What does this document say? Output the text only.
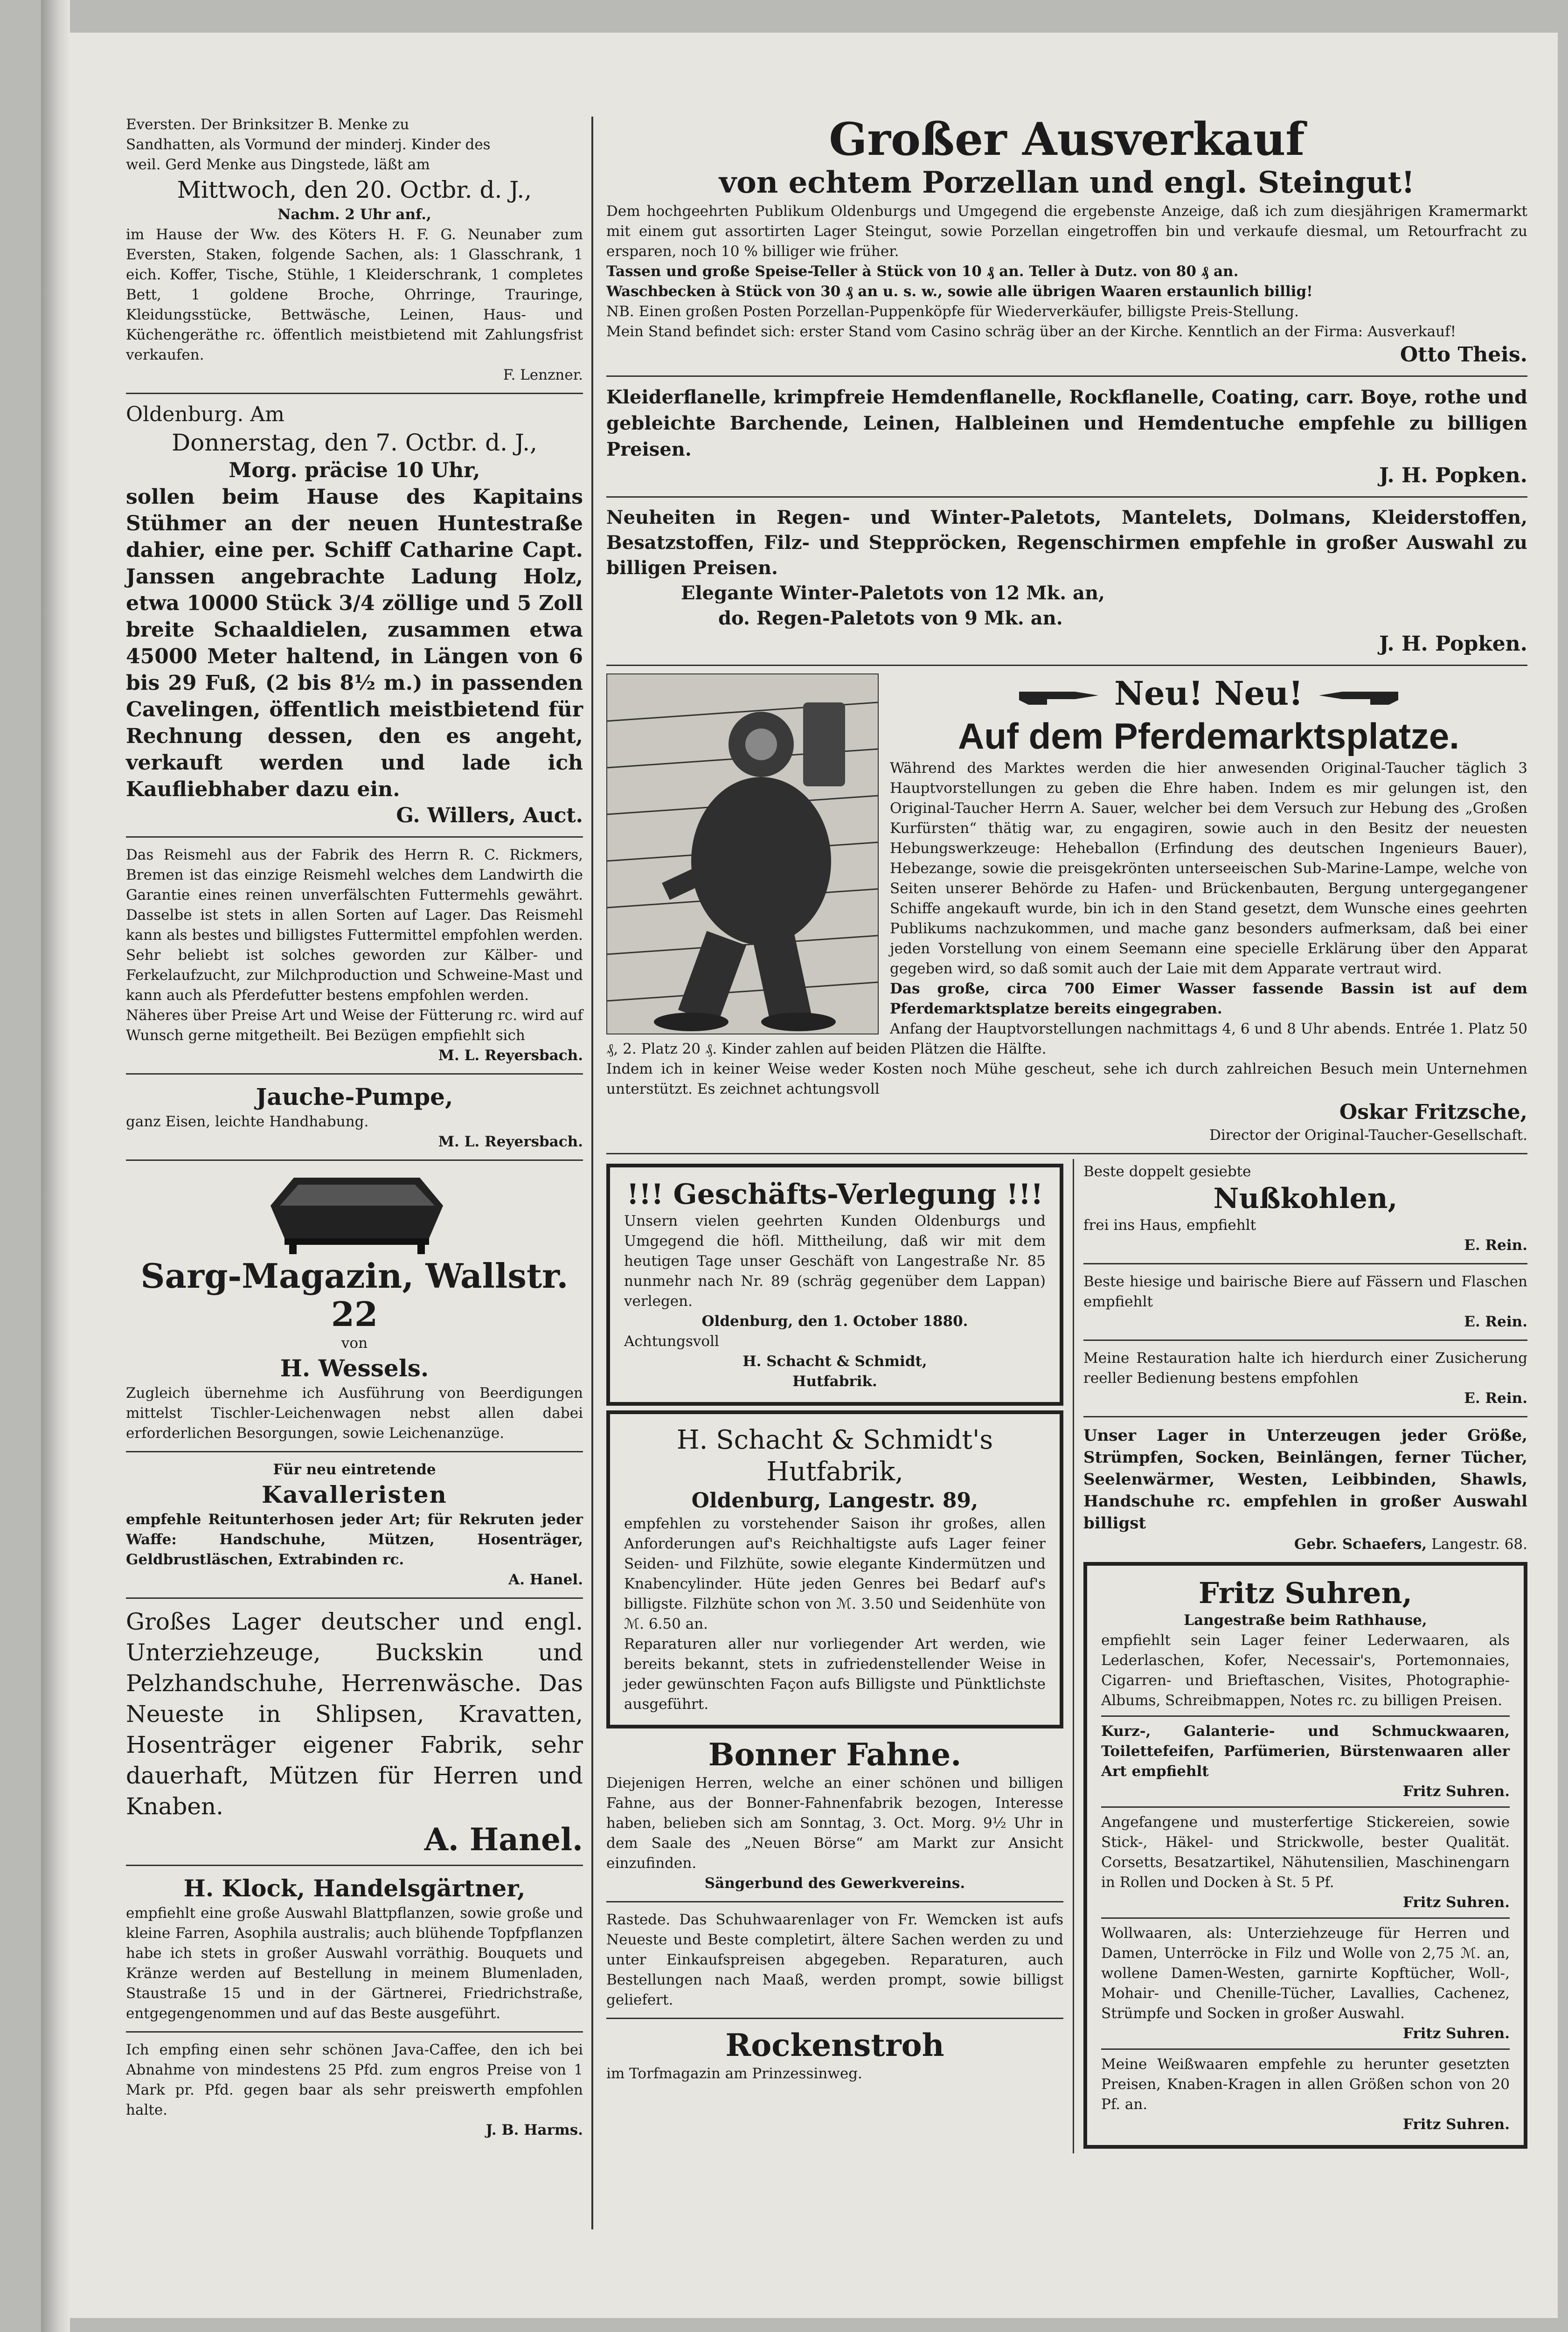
Eversten. Der Brinksitzer B. Menke zu

Sandhatten, als Vormund der minderj. Kinder des

weil. Gerd Menke aus Dingstede, läßt am

Mittwoch, den 20. Octbr. d. J.,

Nachm. 2 Uhr anf.,

im Hause der Ww. des Köters H. F. G. Neunaber zum Eversten, Staken, folgende Sachen, als: 1 Glasschrank, 1 eich. Koffer, Tische, Stühle, 1 Kleiderschrank, 1 completes Bett, 1 goldene Broche, Ohrringe, Trauringe, Kleidungsstücke, Bettwäsche, Leinen, Haus- und Küchengeräthe rc. öffentlich meistbietend mit Zahlungsfrist verkaufen.

F. Lenzner.

Oldenburg. Am

Donnerstag, den 7. Octbr. d. J.,

Morg. präcise 10 Uhr,

sollen beim Hause des Kapitains Stühmer an der neuen Huntestraße dahier, eine per. Schiff Catharine Capt. Janssen angebrachte Ladung Holz, etwa 10000 Stück 3/4 zöllige und 5 Zoll breite Schaaldielen, zusammen etwa 45000 Meter haltend, in Längen von 6 bis 29 Fuß, (2 bis 8½ m.) in passenden Cavelingen, öffentlich meistbietend für Rechnung dessen, den es angeht, verkauft werden und lade ich Kaufliebhaber dazu ein.

G. Willers, Auct.

Das Reismehl aus der Fabrik des Herrn R. C. Rickmers, Bremen ist das einzige Reismehl welches dem Landwirth die Garantie eines reinen unverfälschten Futtermehls gewährt. Dasselbe ist stets in allen Sorten auf Lager. Das Reismehl kann als bestes und billigstes Futtermittel empfohlen werden. Sehr beliebt ist solches geworden zur Kälber- und Ferkelaufzucht, zur Milchproduction und Schweine-Mast und kann auch als Pferdefutter bestens empfohlen werden.

Näheres über Preise Art und Weise der Fütterung rc. wird auf Wunsch gerne mitgetheilt. Bei Bezügen empfiehlt sich

M. L. Reyersbach.

Jauche-Pumpe,

ganz Eisen, leichte Handhabung.

M. L. Reyersbach.

Sarg-Magazin, Wallstr. 22

von

H. Wessels.

Zugleich übernehme ich Ausführung von Beerdigungen mittelst Tischler-Leichenwagen nebst allen dabei erforderlichen Besorgungen, sowie Leichenanzüge.

Für neu eintretende

Kavalleristen

empfehle Reitunterhosen jeder Art; für Rekruten jeder Waffe: Handschuhe, Mützen, Hosenträger, Geldbrustläschen, Extrabinden rc.

A. Hanel.

Großes Lager deutscher und engl. Unterziehzeuge, Buckskin und Pelzhandschuhe, Herrenwäsche. Das Neueste in Shlipsen, Kravatten, Hosenträger eigener Fabrik, sehr dauerhaft, Mützen für Herren und Knaben.

A. Hanel.

H. Klock, Handelsgärtner,

empfiehlt eine große Auswahl Blattpflanzen, sowie große und kleine Farren, Asophila australis; auch blühende Topfpflanzen habe ich stets in großer Auswahl vorräthig. Bouquets und Kränze werden auf Bestellung in meinem Blumenladen, Staustraße 15 und in der Gärtnerei, Friedrichstraße, entgegengenommen und auf das Beste ausgeführt.

Ich empfing einen sehr schönen Java-Caffee, den ich bei Abnahme von mindestens 25 Pfd. zum engros Preise von 1 Mark pr. Pfd. gegen baar als sehr preiswerth empfohlen halte.

J. B. Harms.

Großer Ausverkauf

von echtem Porzellan und engl. Steingut!

Dem hochgeehrten Publikum Oldenburgs und Umgegend die ergebenste Anzeige, daß ich zum diesjährigen Kramermarkt mit einem gut assortirten Lager Steingut, sowie Porzellan eingetroffen bin und verkaufe diesmal, um Retourfracht zu ersparen, noch 10 % billiger wie früher.

Tassen und große Speise-Teller à Stück von 10 ₰ an. Teller à Dutz. von 80 ₰ an.

Waschbecken à Stück von 30 ₰ an u. s. w., sowie alle übrigen Waaren erstaunlich billig!

NB. Einen großen Posten Porzellan-Puppenköpfe für Wiederverkäufer, billigste Preis-Stellung.

Mein Stand befindet sich: erster Stand vom Casino schräg über an der Kirche. Kenntlich an der Firma: Ausverkauf!

Otto Theis.

Kleiderflanelle, krimpfreie Hemdenflanelle, Rockflanelle, Coating, carr. Boye, rothe und gebleichte Barchende, Leinen, Halbleinen und Hemdentuche empfehle zu billigen Preisen.

J. H. Popken.

Neuheiten in Regen- und Winter-Paletots, Mantelets, Dolmans, Kleiderstoffen, Besatzstoffen, Filz- und Steppröcken, Regenschirmen empfehle in großer Auswahl zu billigen Preisen.

Elegante Winter-Paletots von 12 Mk. an,

do. Regen-Paletots von 9 Mk. an.

J. H. Popken.

Neu! Neu!

Auf dem Pferdemarktsplatze.

Während des Marktes werden die hier anwesenden Original-Taucher täglich 3 Hauptvorstellungen zu geben die Ehre haben. Indem es mir gelungen ist, den Original-Taucher Herrn A. Sauer, welcher bei dem Versuch zur Hebung des „Großen Kurfürsten“ thätig war, zu engagiren, sowie auch in den Besitz der neuesten Hebungswerkzeuge: Heheballon (Erfindung des deutschen Ingenieurs Bauer), Hebezange, sowie die preisgekrönten unterseeischen Sub-Marine-Lampe, welche von Seiten unserer Behörde zu Hafen- und Brückenbauten, Bergung untergegangener Schiffe angekauft wurde, bin ich in den Stand gesetzt, dem Wunsche eines geehrten Publikums nachzukommen, und mache ganz besonders aufmerksam, daß bei einer jeden Vorstellung von einem Seemann eine specielle Erklärung über den Apparat gegeben wird, so daß somit auch der Laie mit dem Apparate vertraut wird.

Das große, circa 700 Eimer Wasser fassende Bassin ist auf dem Pferdemarktsplatze bereits eingegraben.

Anfang der Hauptvorstellungen nachmittags 4, 6 und 8 Uhr abends. Entrée 1. Platz 50 ₰, 2. Platz 20 ₰. Kinder zahlen auf beiden Plätzen die Hälfte.

Indem ich in keiner Weise weder Kosten noch Mühe gescheut, sehe ich durch zahlreichen Besuch mein Unternehmen unterstützt. Es zeichnet achtungsvoll

Oskar Fritzsche,

Director der Original-Taucher-Gesellschaft.

!!! Geschäfts-Verlegung !!!

Unsern vielen geehrten Kunden Oldenburgs und Umgegend die höfl. Mittheilung, daß wir mit dem heutigen Tage unser Geschäft von Langestraße Nr. 85 nunmehr nach Nr. 89 (schräg gegenüber dem Lappan) verlegen.

Oldenburg, den 1. October 1880.

Achtungsvoll

H. Schacht & Schmidt,

Hutfabrik.

H. Schacht & Schmidt's Hutfabrik,

Oldenburg, Langestr. 89,

empfehlen zu vorstehender Saison ihr großes, allen Anforderungen auf's Reichhaltigste aufs Lager feiner Seiden- und Filzhüte, sowie elegante Kindermützen und Knabencylinder. Hüte jeden Genres bei Bedarf auf's billigste. Filzhüte schon von ℳ. 3.50 und Seidenhüte von ℳ. 6.50 an.

Reparaturen aller nur vorliegender Art werden, wie bereits bekannt, stets in zufriedenstellender Weise in jeder gewünschten Façon aufs Billigste und Pünktlichste ausgeführt.

Bonner Fahne.

Diejenigen Herren, welche an einer schönen und billigen Fahne, aus der Bonner-Fahnenfabrik bezogen, Interesse haben, belieben sich am Sonntag, 3. Oct. Morg. 9½ Uhr in dem Saale des „Neuen Börse“ am Markt zur Ansicht einzufinden.

Sängerbund des Gewerkvereins.

Rastede. Das Schuhwaarenlager von Fr. Wemcken ist aufs Neueste und Beste completirt, ältere Sachen werden zu und unter Einkaufspreisen abgegeben. Reparaturen, auch Bestellungen nach Maaß, werden prompt, sowie billigst geliefert.

Rockenstroh

im Torfmagazin am Prinzessinweg.

Beste doppelt gesiebte

Nußkohlen,

frei ins Haus, empfiehlt

E. Rein.

Beste hiesige und bairische Biere auf Fässern und Flaschen empfiehlt

E. Rein.

Meine Restauration halte ich hierdurch einer Zusicherung reeller Bedienung bestens empfohlen

E. Rein.

Unser Lager in Unterzeugen jeder Größe, Strümpfen, Socken, Beinlängen, ferner Tücher, Seelenwärmer, Westen, Leibbinden, Shawls, Handschuhe rc. empfehlen in großer Auswahl billigst

Gebr. Schaefers, Langestr. 68.

Fritz Suhren,

Langestraße beim Rathhause,

empfiehlt sein Lager feiner Lederwaaren, als Lederlaschen, Kofer, Necessair's, Portemonnaies, Cigarren- und Brieftaschen, Visites, Photographie-Albums, Schreibmappen, Notes rc. zu billigen Preisen.

Kurz-, Galanterie- und Schmuckwaaren, Toilettefeifen, Parfümerien, Bürstenwaaren aller Art empfiehlt

Fritz Suhren.

Angefangene und musterfertige Stickereien, sowie Stick-, Häkel- und Strickwolle, bester Qualität. Corsetts, Besatzartikel, Nähutensilien, Maschinengarn in Rollen und Docken à St. 5 Pf.

Fritz Suhren.

Wollwaaren, als: Unterziehzeuge für Herren und Damen, Unterröcke in Filz und Wolle von 2,75 ℳ. an, wollene Damen-Westen, garnirte Kopftücher, Woll-, Mohair- und Chenille-Tücher, Lavallies, Cachenez, Strümpfe und Socken in großer Auswahl.

Fritz Suhren.

Meine Weißwaaren empfehle zu herunter gesetzten Preisen, Knaben-Kragen in allen Größen schon von 20 Pf. an.

Fritz Suhren.
